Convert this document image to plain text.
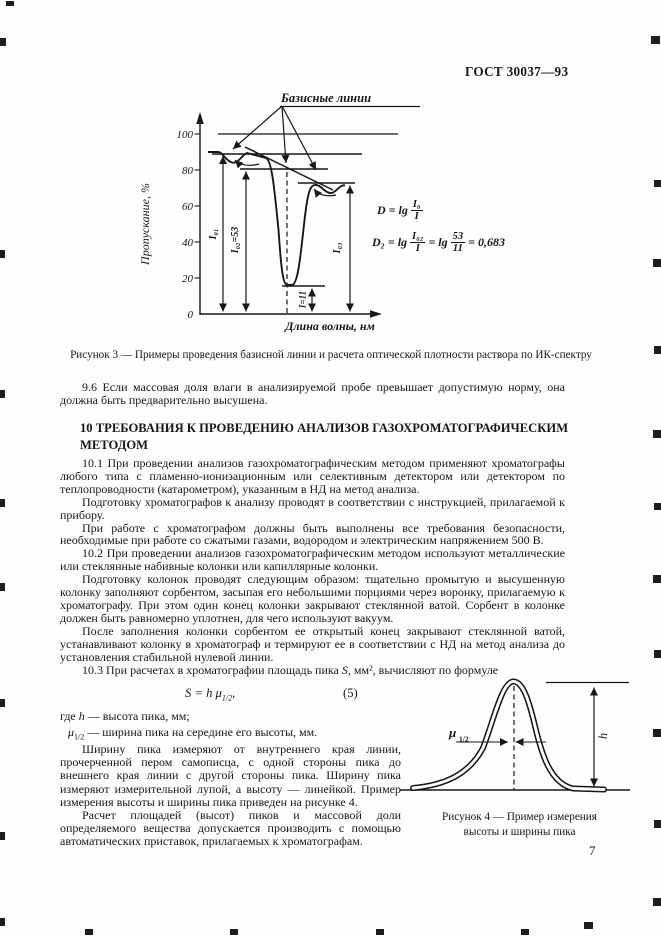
ГОСТ 30037—93
Базисные линии
100
80
60
40
20
0
Пропускание, %
Длина волны, нм
I₀₁ I₀₂=53
I=11
I₀₃
$D = \lg \frac{\text{I₀}}{I}$
$D_2 = \lg \frac{\text{I₀₂}}{I} = \lg \frac{53}{11} = 0,683$
Рисунок 3 — Примеры проведения базисной линии и расчета оптической плотности раствора по ИК-спектру
9.6 Если массовая доля влаги в анализируемой пробе превышает допустимую норму, она должна быть предварительно высушена.
10 ТРЕБОВАНИЯ К ПРОВЕДЕНИЮ АНАЛИЗОВ ГАЗОХРОМАТОГРАФИЧЕСКИМ МЕТОДОМ
10.1 При проведении анализов газохроматографическим методом применяют хроматографы любого типа с пламенно-ионизационным или селективным детектором или детектором по теплопроводности (катарометром), указанным в НД на метод анализа.
Подготовку хроматографов к анализу проводят в соответствии с инструкцией, прилагаемой к прибору.
При работе с хроматографом должны быть выполнены все требования безопасности, необходимые при работе со сжатыми газами, водородом и электрическим напряжением 500 В.
10.2 При проведении анализов газохроматографическим методом используют металлические или стеклянные набивные колонки или капиллярные колонки.
Подготовку колонок проводят следующим образом: тщательно промытую и высушенную колонку заполняют сорбентом, засыпая его небольшими порциями через воронку, прилагаемую к хроматографу. При этом один конец колонки закрывают стеклянной ватой. Сорбент в колонке должен быть равномерно уплотнен, для чего используют вакуум.
После заполнения колонки сорбентом ее открытый конец закрывают стеклянной ватой, устанавливают колонку в хроматограф и термируют ее в соответствии с НД на метод анализа до установления стабильной нулевой линии.
10.3 При расчетах в хроматографии площадь пика S, мм², вычисляют по формуле
S = h $\mu_{1/2}$,	(5)
где h — высота пика, мм;
$\mu_{1/2}$ — ширина пика на середине его высоты, мм.
Ширину пика измеряют от внутреннего края линии, прочерченной пером самописца, с одной стороны пика до внешнего края линии с другой стороны пика. Ширину пика измеряют измерительной лупой, а высоту — линейкой. Пример измерения высоты и ширины пика приведен на рисунке 4.
Расчет площадей (высот) пиков и массовой доли определяемого вещества допускается производить с помощью автоматических приставок, прилагаемых к хроматографам.
μ 1/2	h
Рисунок 4 — Пример измерения
высоты и ширины пика
7
